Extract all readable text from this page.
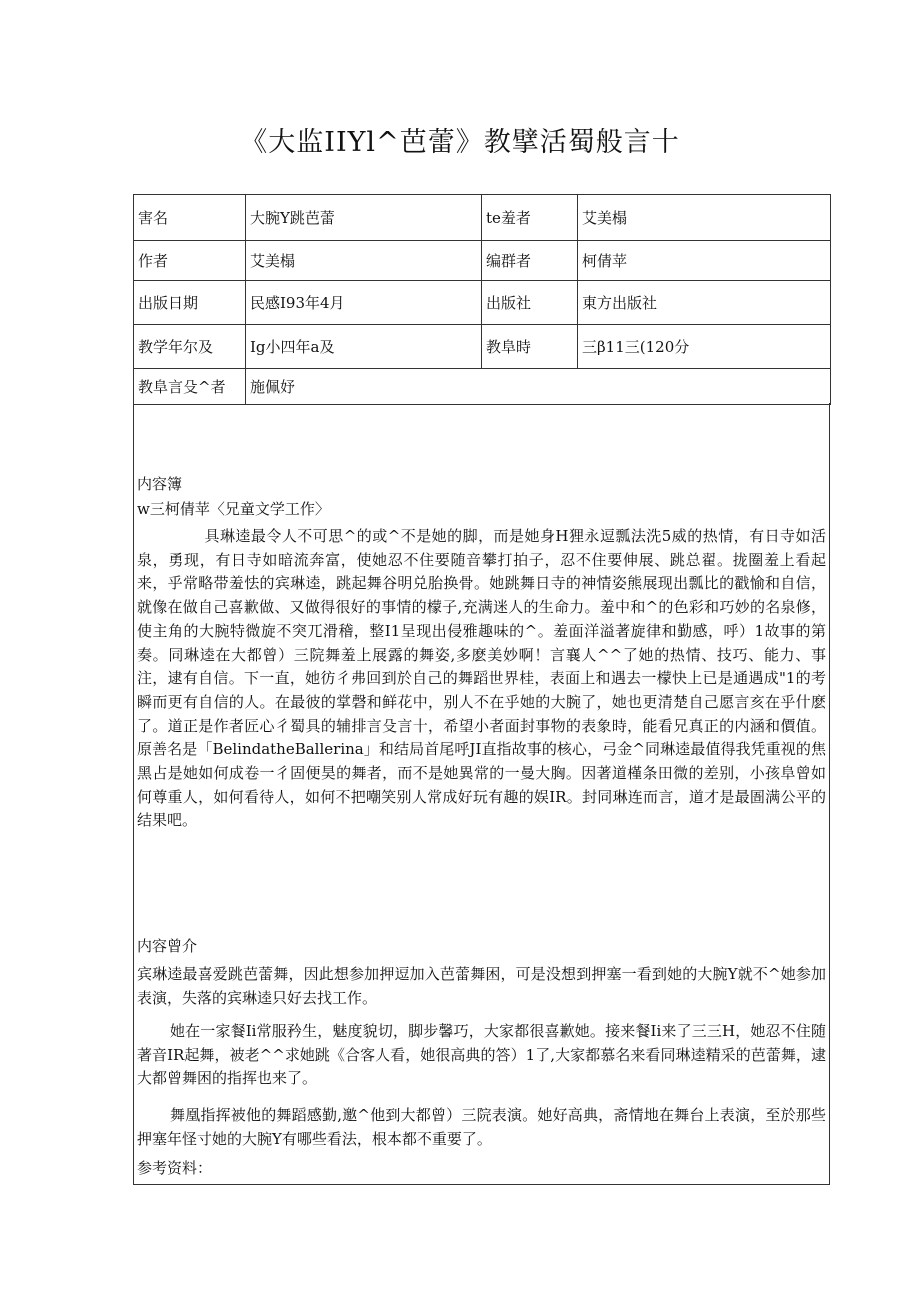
《大监IIYl^芭蕾》教擘活蜀般言十
害名	大腕Y跳芭蕾	te羞者	艾美榻
作者	艾美榻	编群者	柯倩苹
出版日期	民感I93年4月	出版社	東方出版社
教学年尔及	Ig小四年a及	教阜時	三β11三(120分
教阜言殳^者	施佩妤		

内容簿

w三柯倩苹〈兄童文学工作〉

具琳逵最令人不可思^的或^不是她的脚，而是她身H狸永逗瓢法洗5威的热情，有日寺如活泉，勇现，有日寺如暗流奔富，使她忍不住要随音攀打拍子，忍不住要伸展、跳总翟。拢圈羞上看起来，乎常略带羞怯的宾琳逵，跳起舞谷明兑胎换骨。她跳舞日寺的神情姿熊展现出瓢比的戳愉和自信，就像在做自己喜歉做、又做得很好的事情的檬子,充满迷人的生命力。羞中和^的色彩和巧妙的名泉修，使主角的大腕特微旋不突兀滑稽，整I1呈现出侵雅趣味的^。羞面洋溢著旋律和勤感，呼）1故事的第奏。同琳逵在大都曾）三院舞羞上展露的舞姿,多麽美妙啊！言襄人^^了她的热情、技巧、能力、事注，逮有自信。下一直，她彷彳弗回到於自己的舞蹈世界桂，表面上和遇去一檬快上已是通遇成"1的考瞬而更有自信的人。在最彼的掌磬和鲜花中，别人不在乎她的大腕了，她也更清楚自己愿言亥在乎什麽了。道正是作者匠心彳蜀具的辅排言殳言十，希望小者面封事物的表象時，能看兄真正的内涵和價值。原善名是「BelindatheBallerina」和结局首尾呼JI直指故事的核心，弓金^同琳逵最值得我凭重视的焦黑占是她如何成卷一彳固便昊的舞者，而不是她異常的一曼大胸。因著道槿条田微的差别，小孩阜曾如何尊重人，如何看待人，如何不把嘲笑别人常成好玩有趣的娱IR。封同琳连而言，道才是最圄满公平的结果吧。

内容曾介

宾琳逵最喜爱跳芭蕾舞，因此想参加押逗加入芭蕾舞困，可是没想到押塞一看到她的大腕Y就不^她参加表演，失落的宾琳逵只好去找工作。

她在一家餐Ii常服矜生，魅度貌切，脚步馨巧，大家都很喜歉她。接来餐Ii来了三三H，她忍不住随著音IR起舞，被老^^求她跳《合客人看，她很高典的答）1了,大家都慕名来看同琳逵精采的芭蕾舞，逮大都曾舞困的指挥也来了。

舞凰指挥被他的舞蹈感勤,邀^他到大都曾）三院表演。她好高典，斋情地在舞台上表演，至於那些押塞年怪寸她的大腕Y有哪些看法，根本都不重要了。

参考资料：
